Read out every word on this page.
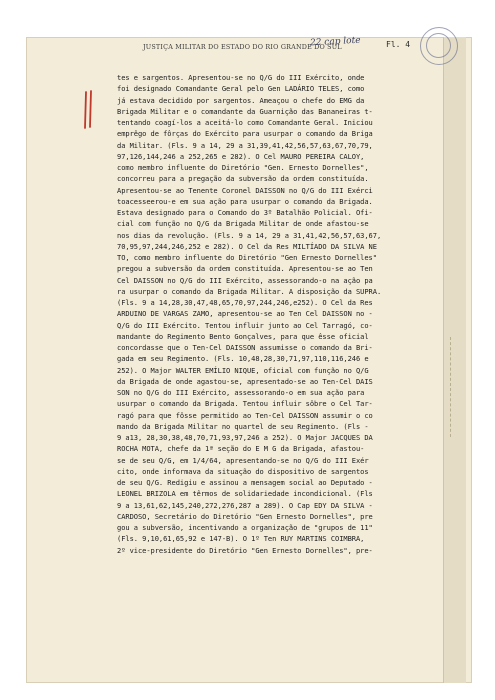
JUSTIÇA MILITAR DO ESTADO DO RIO GRANDE DO SUL
22 cap lote	Fl. 4
tes e sargentos. Apresentou-se no Q/G do III Exército, onde
foi designado Comandante Geral pelo Gen LADÁRIO TELES, como
já estava decidido por sargentos. Ameaçou o chefe do EMG da
Brigada Militar e o comandante da Guarnição das Bananeiras t-
tentando coagí-los a aceitá-lo como Comandante Geral. Iniciou
emprêgo de fôrças do Exército para usurpar o comando da Briga
da Militar. (Fls. 9 a 14, 29 a 31,39,41,42,56,57,63,67,70,79,
97,126,144,246 a 252,265 e 282). O Cel MAURO PEREIRA CALOY,
como membro influente do Diretório "Gen. Ernesto Dornelles",
concorreu para a pregação da subversão da ordem constituída.
Apresentou-se ao Tenente Coronel DAISSON no Q/G do III Exérci
toacesseerou-e em sua ação para usurpar o comando da Brigada.
Estava designado para o Comando do 3º Batalhão Policial. Ofi-
cial com função no Q/G da Brigada Militar de onde afastou-se
nos dias da revolução. (Fls. 9 a 14, 29 a 31,41,42,56,57,63,67,
70,95,97,244,246,252 e 282). O Cel da Res MILTÍADO DA SILVA NE
TO, como membro influente do Diretório "Gen Ernesto Dornelles"
pregou a subversão da ordem constituída. Apresentou-se ao Ten
Cel DAISSON no Q/G do III Exército, assessorando-o na ação pa
ra usurpar o comando da Brigada Militar. A disposição da SUPRA.
(Fls. 9 a 14,28,30,47,48,65,70,97,244,246,e252). O Cel da Res
ARDUINO DE VARGAS ZAMO, apresentou-se ao Ten Cel DAISSON no -
Q/G do III Exército. Tentou influir junto ao Cel Tarragó, co-
mandante do Regimento Bento Gonçalves, para que êsse oficial
concordasse que o Ten-Cel DAISSON assumisse o comando da Bri-
gada em seu Regimento. (Fls. 10,48,28,30,71,97,110,116,246 e
252). O Major WALTER EMÍLIO NIQUE, oficial com função no Q/G
da Brigada de onde agastou-se, apresentado-se ao Ten-Cel DAIS
SON no Q/G do III Exército, assessorando-o em sua ação para
usurpar o comando da Brigada. Tentou influir sôbre o Cel Tar-
ragó para que fôsse permitido ao Ten-Cel DAISSON assumir o co
mando da Brigada Militar no quartel de seu Regimento. (Fls -
9 a13, 28,30,38,48,70,71,93,97,246 a 252). O Major JACQUES DA
ROCHA MOTA, chefe da 1ª seção do E M G da Brigada, afastou-
se de seu Q/G, em 1/4/64, apresentando-se no Q/G do III Exér
cito, onde informava da situação do dispositivo de sargentos
de seu Q/G. Redigiu e assinou a mensagem social ao Deputado -
LEONEL BRIZOLA em têrmos de solidariedade incondicional. (Fls
9 a 13,61,62,145,240,272,276,287 a 289). O Cap EDY DA SILVA -
CARDOSO, Secretário do Diretório "Gen Ernesto Dornelles", pre
gou a subversão, incentivando a organização de "grupos de 11"
(Fls. 9,10,61,65,92 e 147-B). O 1º Ten RUY MARTINS COIMBRA,
2º vice-presidente do Diretório "Gen Ernesto Dornelles", pre-
